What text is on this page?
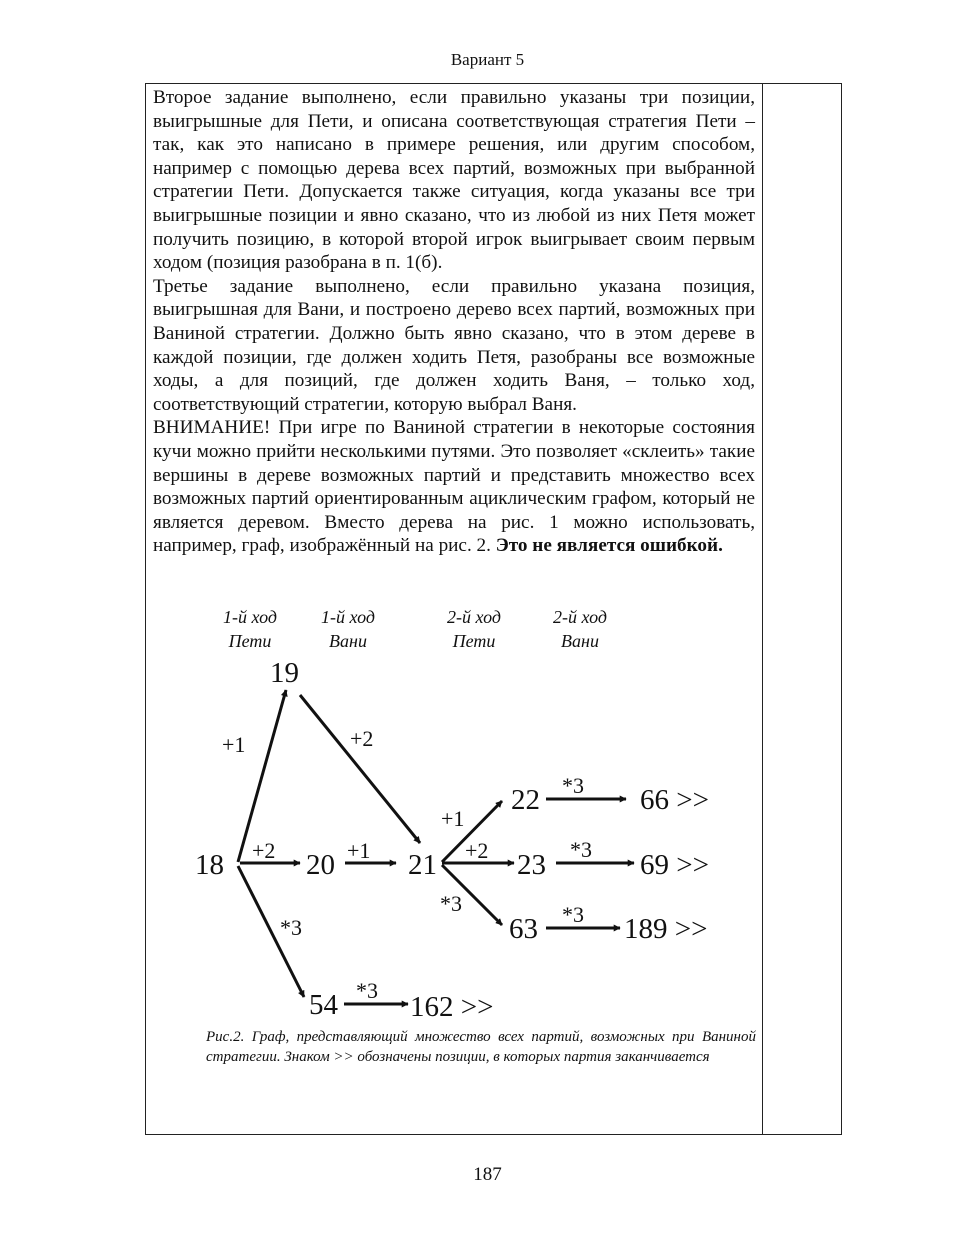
Вариант 5

Второе задание выполнено, если правильно указаны три позиции, выигрышные для Пети, и описана соответствующая стратегия Пети – так, как это написано в примере решения, или другим способом, например с помощью дерева всех партий, возможных при выбранной стратегии Пети. Допускается также ситуация, когда указаны все три выигрышные позиции и явно сказано, что из любой из них Петя может получить позицию, в которой второй игрок выигрывает своим первым ходом (позиция разобрана в п. 1(б).

Третье задание выполнено, если правильно указана позиция, выигрышная для Вани, и построено дерево всех партий, возможных при Ваниной стратегии. Должно быть явно сказано, что в этом дереве в каждой позиции, где должен ходить Петя, разобраны все возможные ходы, а для позиций, где должен ходить Ваня, – только ход, соответствующий стратегии, которую выбрал Ваня.

ВНИМАНИЕ! При игре по Ваниной стратегии в некоторые состояния кучи можно прийти несколькими путями. Это позволяет «склеить» такие вершины в дереве возможных партий и представить множество всех возможных партий ориентированным ациклическим графом, который не является деревом. Вместо дерева на рис. 1 можно использовать, например, граф, изображённый на рис. 2. Это не является ошибкой.

1-й ход
Пети
1-й ход
Вани
2-й ход
Пети
2-й ход
Вани
18
19
20	21
22
23
63
54
66 >>
69 >>
189 >>
162 >>
+1	+2
+2	+1
*3
*3
+1
+2
*3
*3
*3
*3
Рис.2. Граф, представляющий множество всех партий, возможных при Ваниной стратегии. Знаком >> обозначены позиции, в которых партия заканчивается
187
